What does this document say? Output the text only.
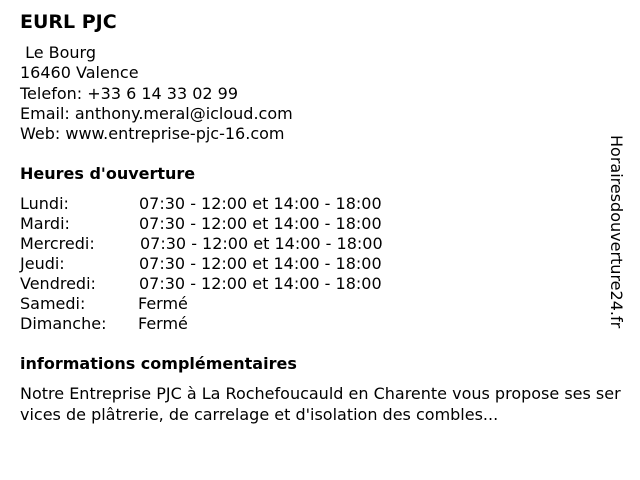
EURL PJC
Le Bourg
16460 Valence
Telefon: +33 6 14 33 02 99
Email: anthony.meral@icloud.com
Web: www.entreprise-pjc-16.com
Heures d'ouverture
Lundi:	07:30 - 12:00 et 14:00 - 18:00
Mardi:	07:30 - 12:00 et 14:00 - 18:00
Mercredi:	07:30 - 12:00 et 14:00 - 18:00
Jeudi:	07:30 - 12:00 et 14:00 - 18:00
Vendredi:	07:30 - 12:00 et 14:00 - 18:00
Samedi:	Fermé
Dimanche: Fermé
informations complémentaires
Notre Entreprise PJC à La Rochefoucauld en Charente vous propose ses services de plâtrerie, de carrelage et d'isolation des combles...
Horairesdouverture24.fr
